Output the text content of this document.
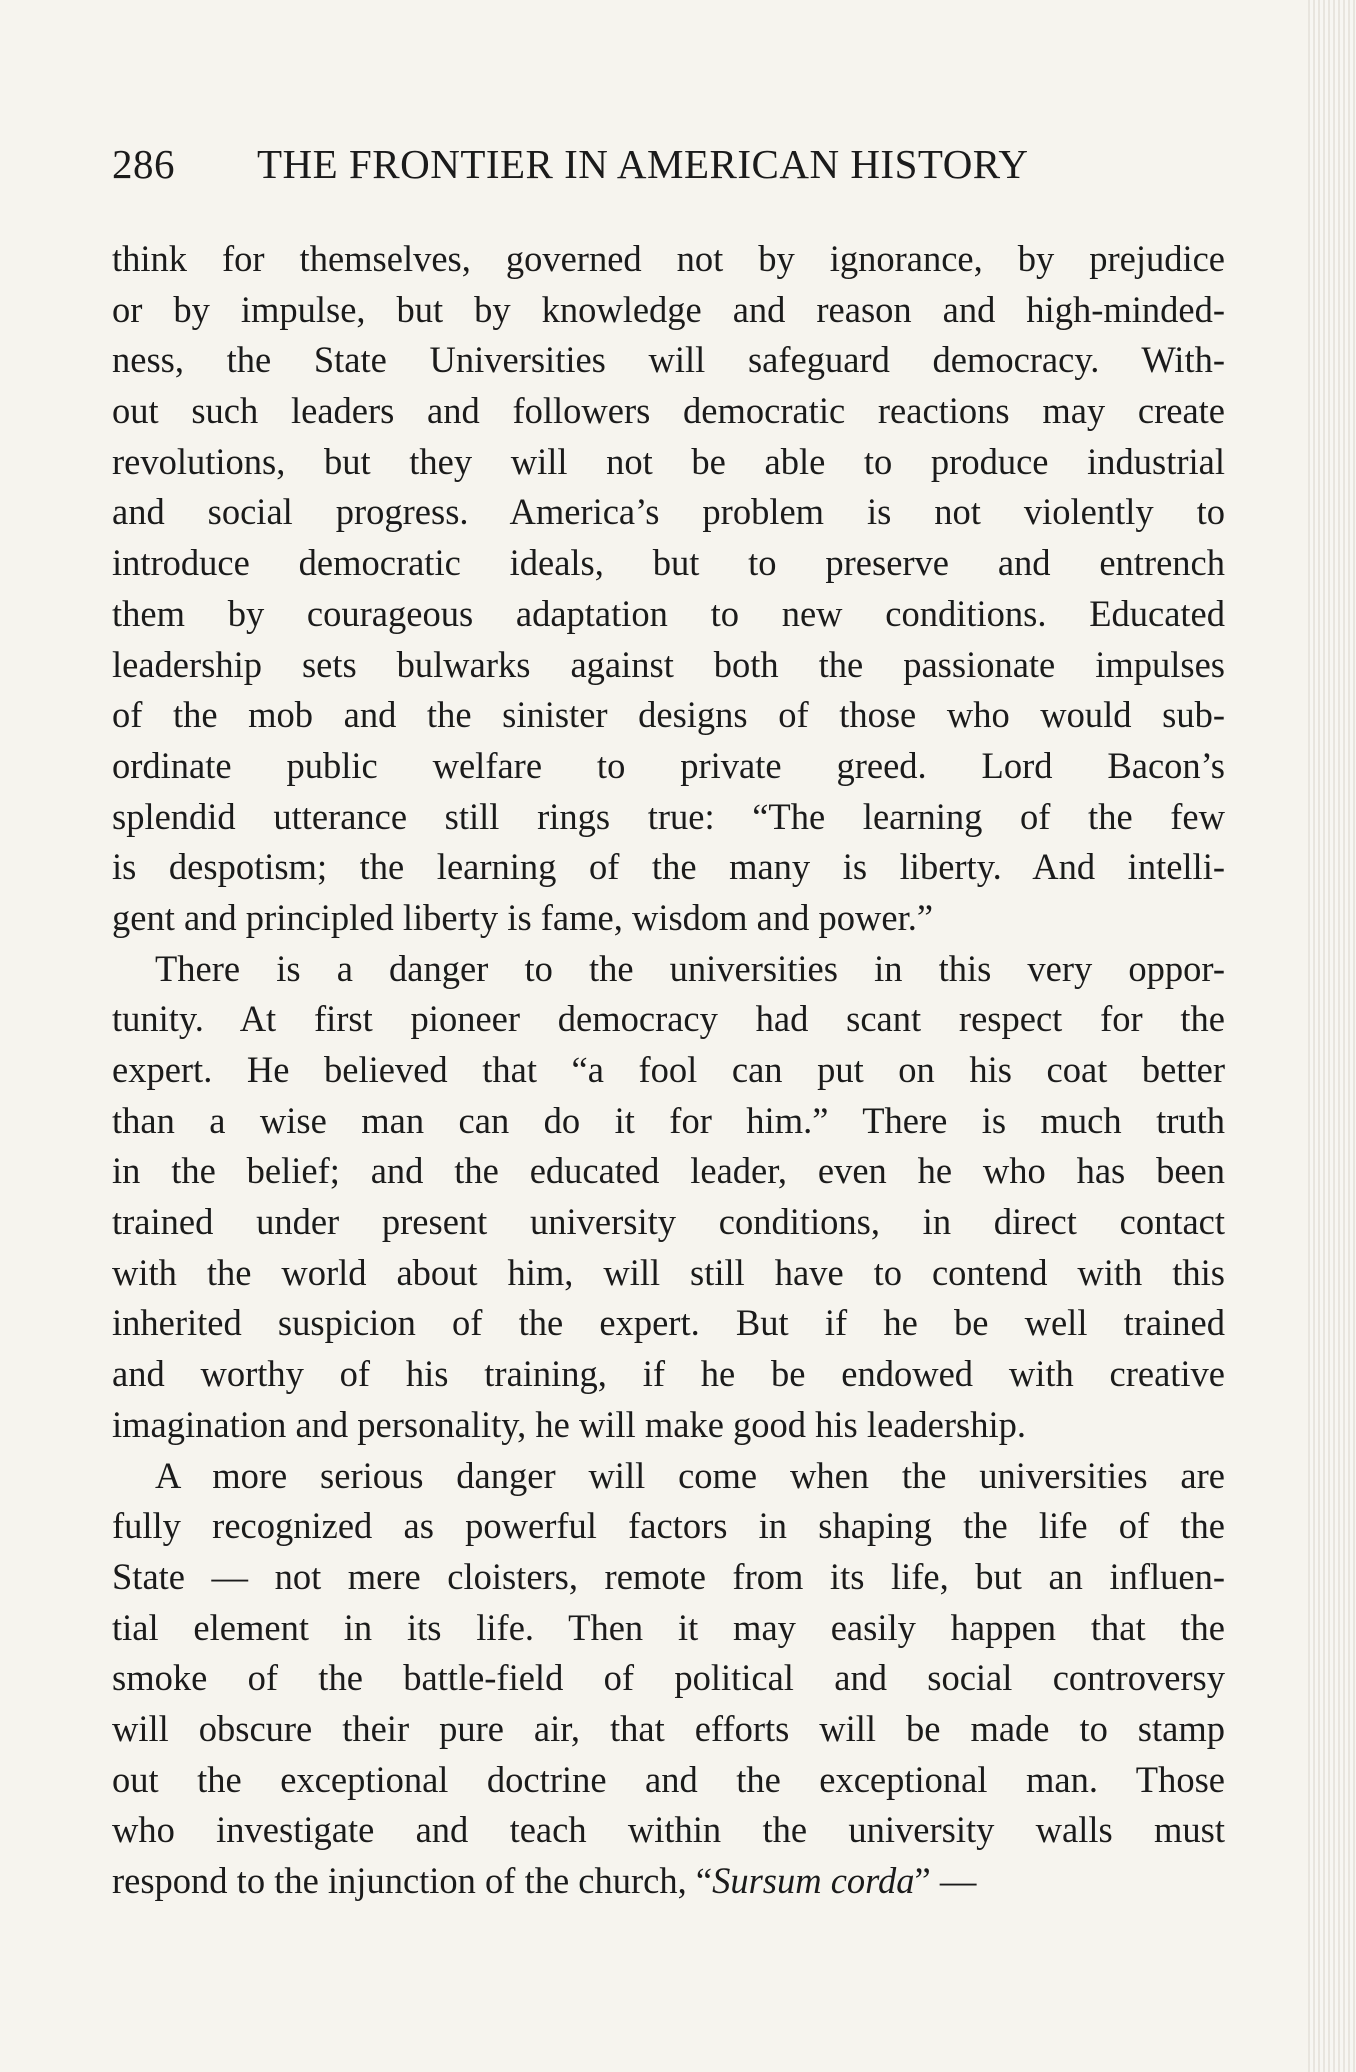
286 THE FRONTIER IN AMERICAN HISTORY
think for themselves, governed not by ignorance, by prejudice
or by impulse, but by knowledge and reason and high-minded-
ness, the State Universities will safeguard democracy. With-
out such leaders and followers democratic reactions may create
revolutions, but they will not be able to produce industrial
and social progress. America’s problem is not violently to
introduce democratic ideals, but to preserve and entrench
them by courageous adaptation to new conditions. Educated
leadership sets bulwarks against both the passionate impulses
of the mob and the sinister designs of those who would sub-
ordinate public welfare to private greed. Lord Bacon’s
splendid utterance still rings true: “The learning of the few
is despotism; the learning of the many is liberty. And intelli-
gent and principled liberty is fame, wisdom and power.”
There is a danger to the universities in this very oppor-
tunity. At first pioneer democracy had scant respect for the
expert. He believed that “a fool can put on his coat better
than a wise man can do it for him.” There is much truth
in the belief; and the educated leader, even he who has been
trained under present university conditions, in direct contact
with the world about him, will still have to contend with this
inherited suspicion of the expert. But if he be well trained
and worthy of his training, if he be endowed with creative
imagination and personality, he will make good his leadership.
A more serious danger will come when the universities are
fully recognized as powerful factors in shaping the life of the
State — not mere cloisters, remote from its life, but an influen-
tial element in its life. Then it may easily happen that the
smoke of the battle-field of political and social controversy
will obscure their pure air, that efforts will be made to stamp
out the exceptional doctrine and the exceptional man. Those
who investigate and teach within the university walls must
respond to the injunction of the church, “Sursum corda” —
